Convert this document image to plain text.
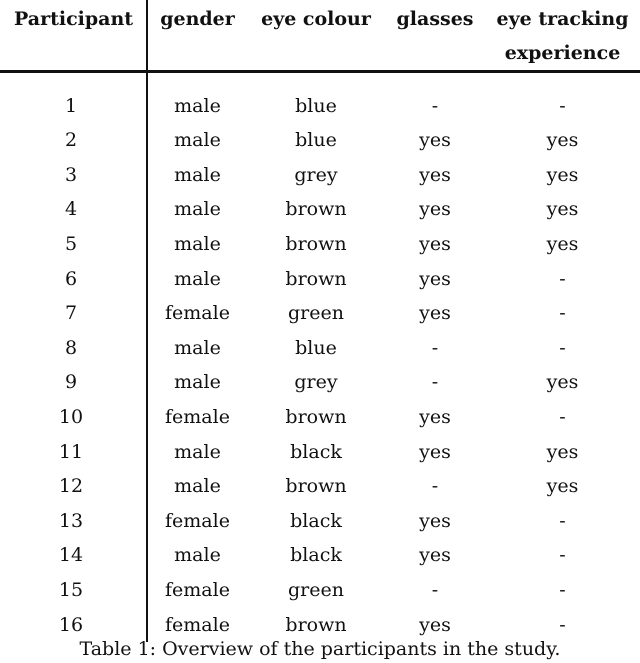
Participant	gender	eye colour	glasses	eye tracking
experience

1	male	blue	-	-
2	male	blue	yes	yes
3	male	grey	yes	yes
4	male	brown	yes	yes
5	male	brown	yes	yes
6	male	brown	yes	-
7	female	green	yes	-
8	male	blue	-	-
9	male	grey	-	yes
10	female	brown	yes	-
11	male	black	yes	yes
12	male	brown	-	yes
13	female	black	yes	-
14	male	black	yes	-
15	female	green	-	-
16	female	brown	yes	-
Table 1: Overview of the participants in the study.
